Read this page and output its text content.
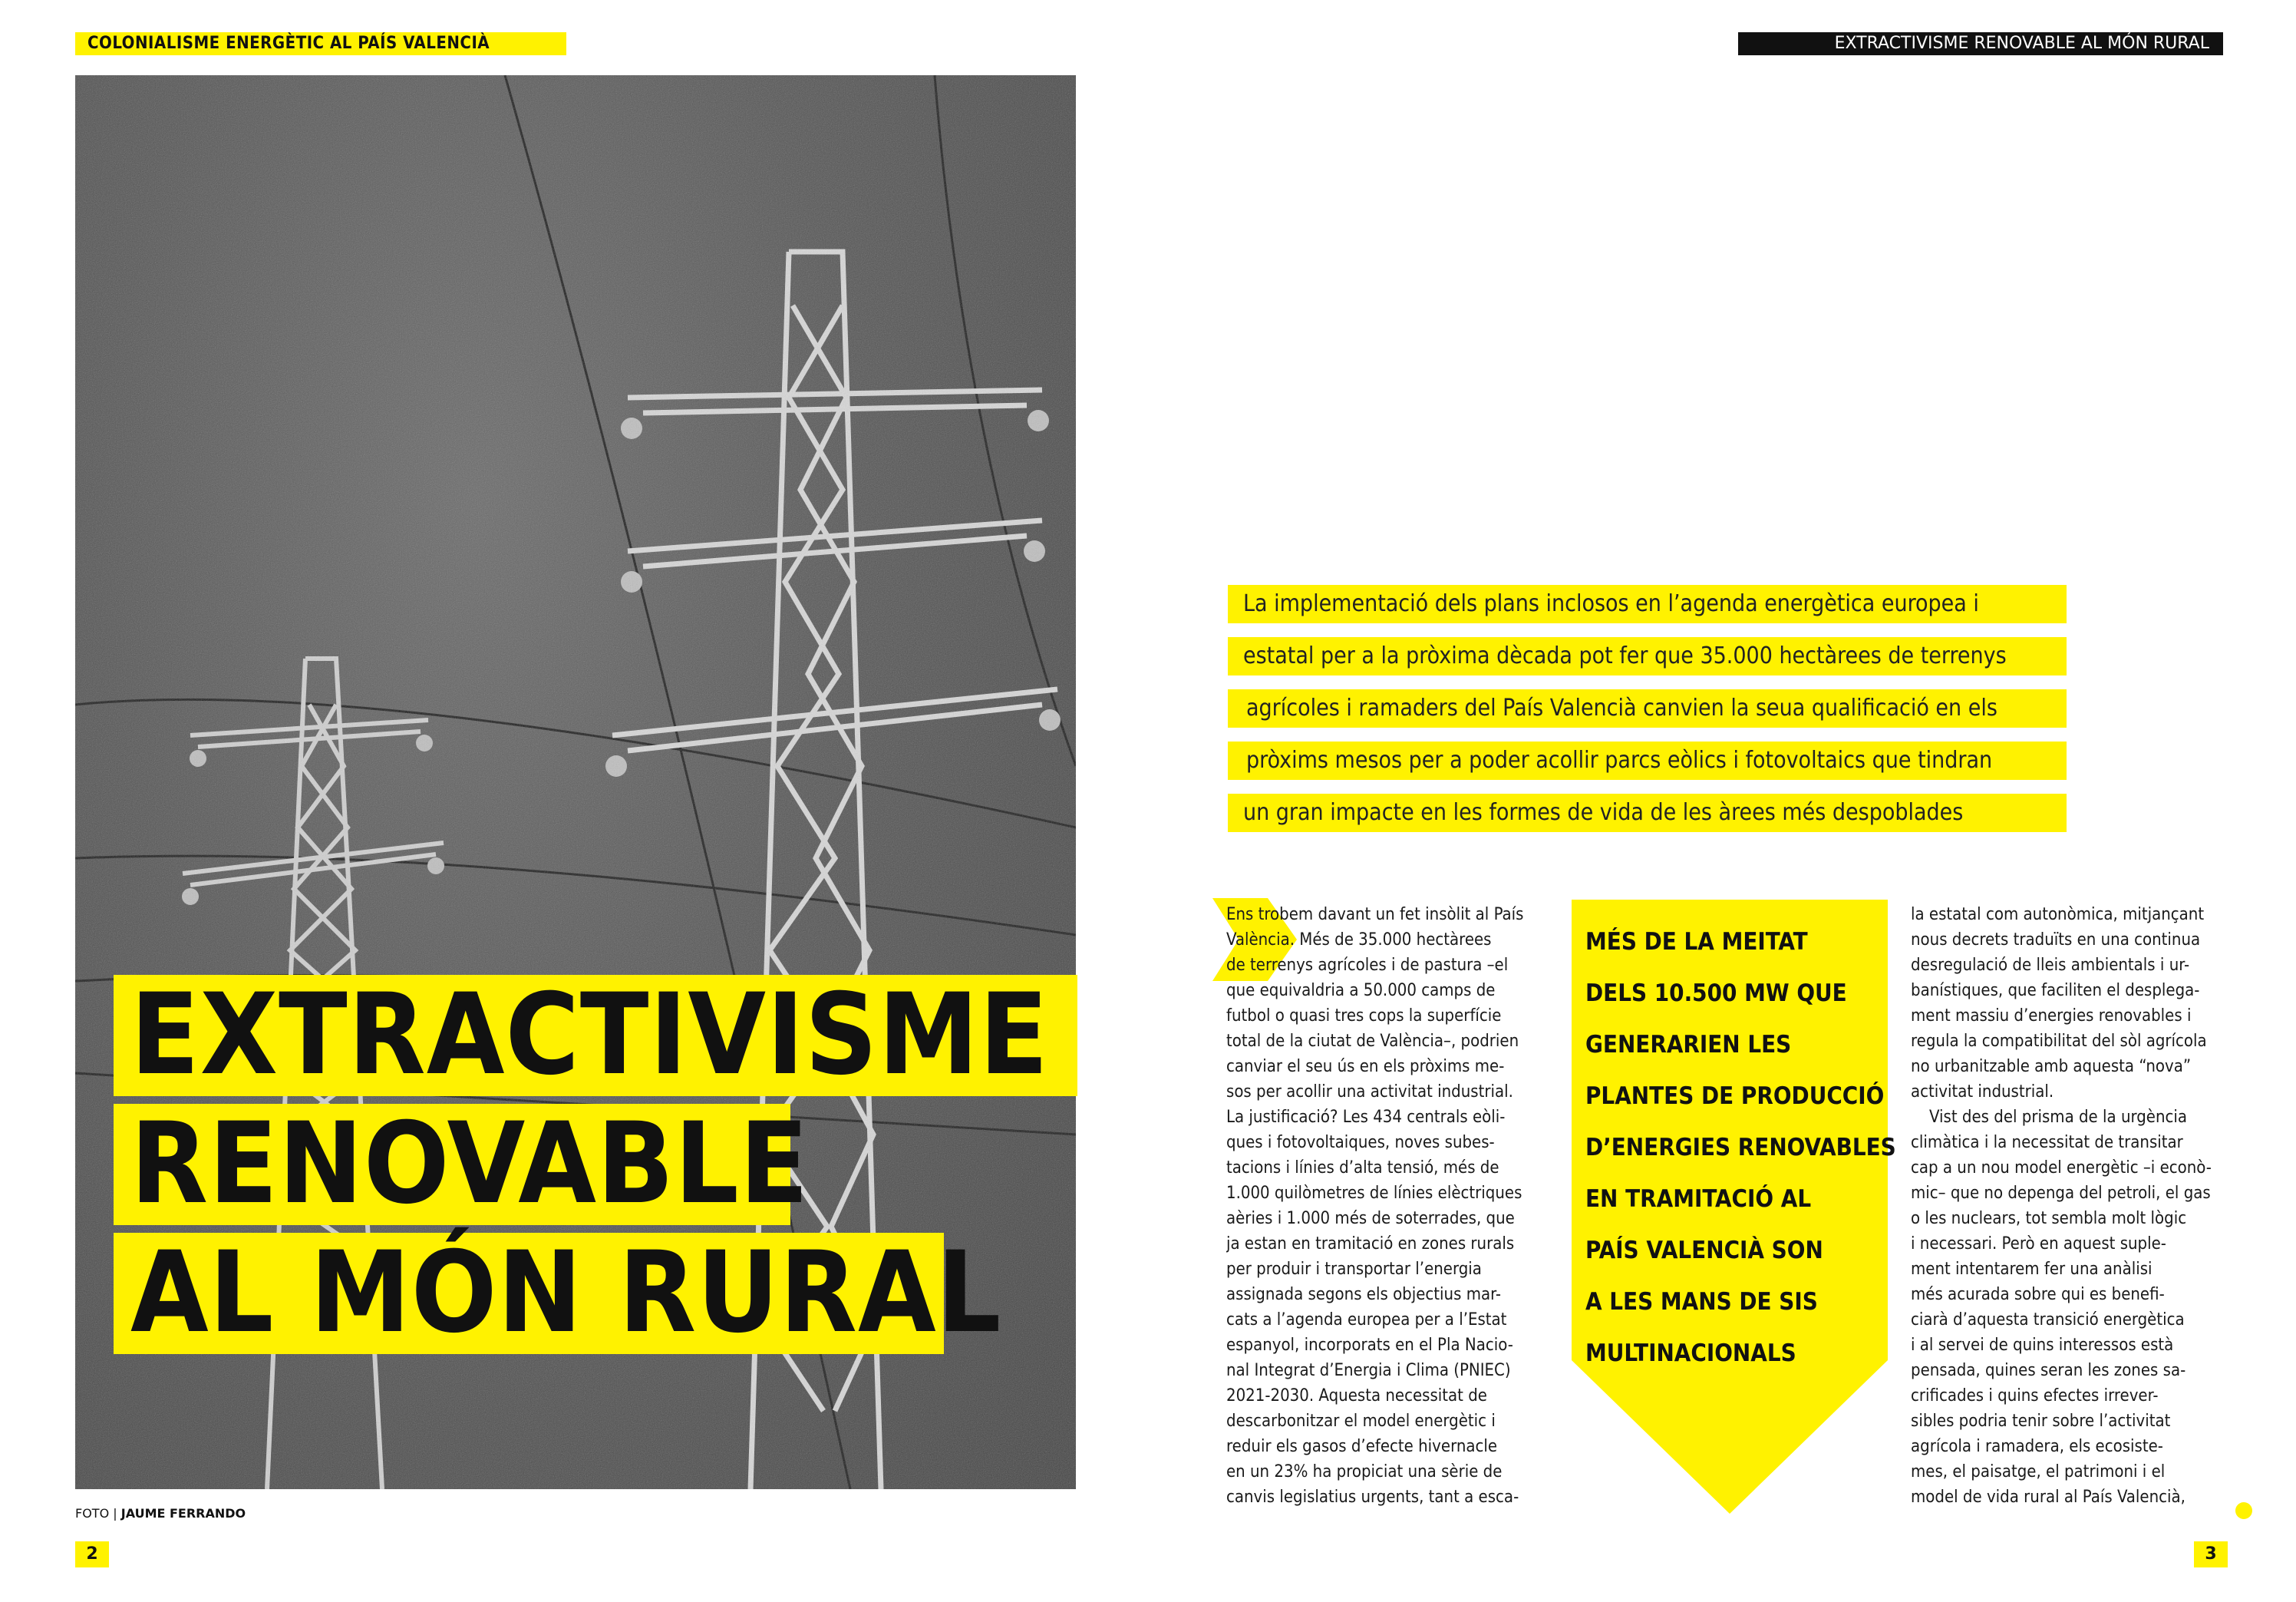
COLONIALISME ENERGÈTIC AL PAÍS VALENCIÀ	EXTRACTIVISME RENOVABLE AL MÓN RURAL
FOTO | JAUME FERRANDO
EXTRACTIVISME
RENOVABLE
AL MÓN RURAL
2	3
La implementació dels plans inclosos en l’agenda energètica europea i
estatal per a la pròxima dècada pot fer que 35.000 hectàrees de terrenys
agrícoles i ramaders del País Valencià canvien la seua qualificació en els
pròxims mesos per a poder acollir parcs eòlics i fotovoltaics que tindran
un gran impacte en les formes de vida de les àrees més despoblades

Ens trobem davant un fet insòlit al País

València. Més de 35.000 hectàrees

de terrenys agrícoles i de pastura –el

que equivaldria a 50.000 camps de

futbol o quasi tres cops la superfície

total de la ciutat de València–, podrien

canviar el seu ús en els pròxims me-

sos per acollir una activitat industrial.

La justificació? Les 434 centrals eòli-

ques i fotovoltaiques, noves subes-

tacions i línies d’alta tensió, més de

1.000 quilòmetres de línies elèctriques

aèries i 1.000 més de soterrades, que

ja estan en tramitació en zones rurals

per produir i transportar l’energia

assignada segons els objectius mar-

cats a l’agenda europea per a l’Estat

espanyol, incorporats en el Pla Nacio-

nal Integrat d’Energia i Clima (PNIEC)

2021-2030. Aquesta necessitat de

descarbonitzar el model energètic i

reduir els gasos d’efecte hivernacle

en un 23% ha propiciat una sèrie de

canvis legislatius urgents, tant a esca-

MÉS DE LA MEITAT

DELS 10.500 MW QUE

GENERARIEN LES

PLANTES DE PRODUCCIÓ

D’ENERGIES RENOVABLES

EN TRAMITACIÓ AL

PAÍS VALENCIÀ SON

A LES MANS DE SIS

MULTINACIONALS

la estatal com autonòmica, mitjançant

nous decrets traduïts en una continua

desregulació de lleis ambientals i ur-

banístiques, que faciliten el desplega-

ment massiu d’energies renovables i

regula la compatibilitat del sòl agrícola

no urbanitzable amb aquesta “nova”

activitat industrial.

Vist des del prisma de la urgència

climàtica i la necessitat de transitar

cap a un nou model energètic –i econò-

mic– que no depenga del petroli, el gas

o les nuclears, tot sembla molt lògic

i necessari. Però en aquest suple-

ment intentarem fer una anàlisi

més acurada sobre qui es benefi-

ciarà d’aquesta transició energètica

i al servei de quins interessos està

pensada, quines seran les zones sa-

crificades i quins efectes irrever-

sibles podria tenir sobre l’activitat

agrícola i ramadera, els ecosiste-

mes, el paisatge, el patrimoni i el

model de vida rural al País Valencià,
